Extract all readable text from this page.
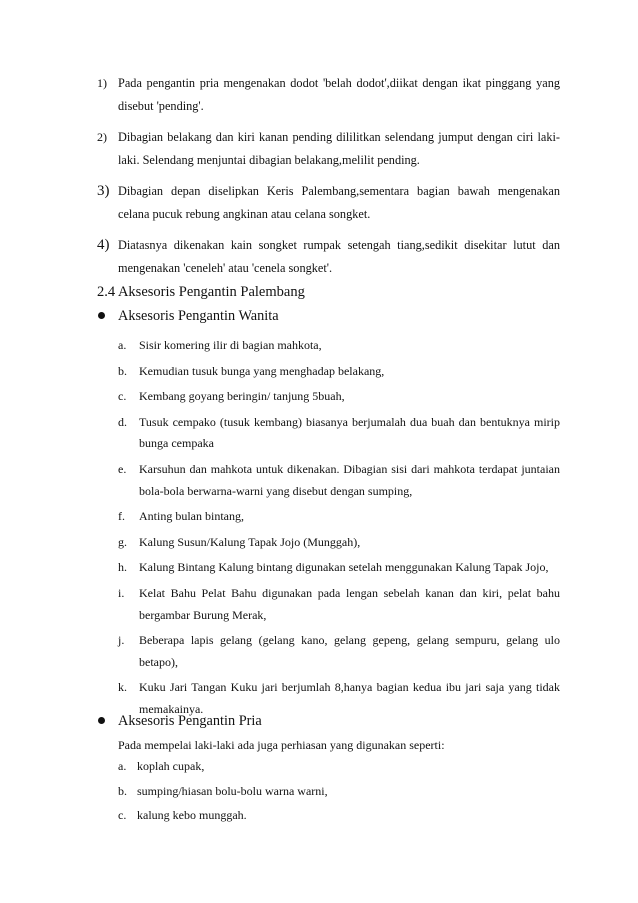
1) Pada pengantin pria mengenakan dodot 'belah dodot',diikat dengan ikat pinggang yang disebut 'pending'.
2) Dibagian belakang dan kiri kanan pending dililitkan selendang jumput dengan ciri laki-laki. Selendang menjuntai dibagian belakang,melilit pending.
3) Dibagian depan diselipkan Keris Palembang,sementara bagian bawah mengenakan celana pucuk rebung angkinan atau celana songket.
4) Diatasnya dikenakan kain songket rumpak setengah tiang,sedikit disekitar lutut dan mengenakan 'ceneleh' atau 'cenela songket'.
2.4 Aksesoris Pengantin Palembang
Aksesoris Pengantin Wanita
a. Sisir komering ilir di bagian mahkota,
b. Kemudian tusuk bunga yang menghadap belakang,
c. Kembang goyang beringin/ tanjung 5buah,
d. Tusuk cempako (tusuk kembang) biasanya berjumalah dua buah dan bentuknya mirip bunga cempaka
e. Karsuhun dan mahkota untuk dikenakan. Dibagian sisi dari mahkota terdapat juntaian bola-bola berwarna-warni yang disebut dengan sumping,
f. Anting bulan bintang,
g. Kalung Susun/Kalung Tapak Jojo (Munggah),
h. Kalung Bintang Kalung bintang digunakan setelah menggunakan Kalung Tapak Jojo,
i. Kelat Bahu Pelat Bahu digunakan pada lengan sebelah kanan dan kiri, pelat bahu bergambar Burung Merak,
j. Beberapa lapis gelang (gelang kano, gelang gepeng, gelang sempuru, gelang ulo betapo),
k. Kuku Jari Tangan Kuku jari berjumlah 8,hanya bagian kedua ibu jari saja yang tidak memakainya.
Aksesoris Pengantin Pria
Pada mempelai laki-laki ada juga perhiasan yang digunakan seperti:
a. koplah cupak,
b. sumping/hiasan bolu-bolu warna warni,
c. kalung kebo munggah.
